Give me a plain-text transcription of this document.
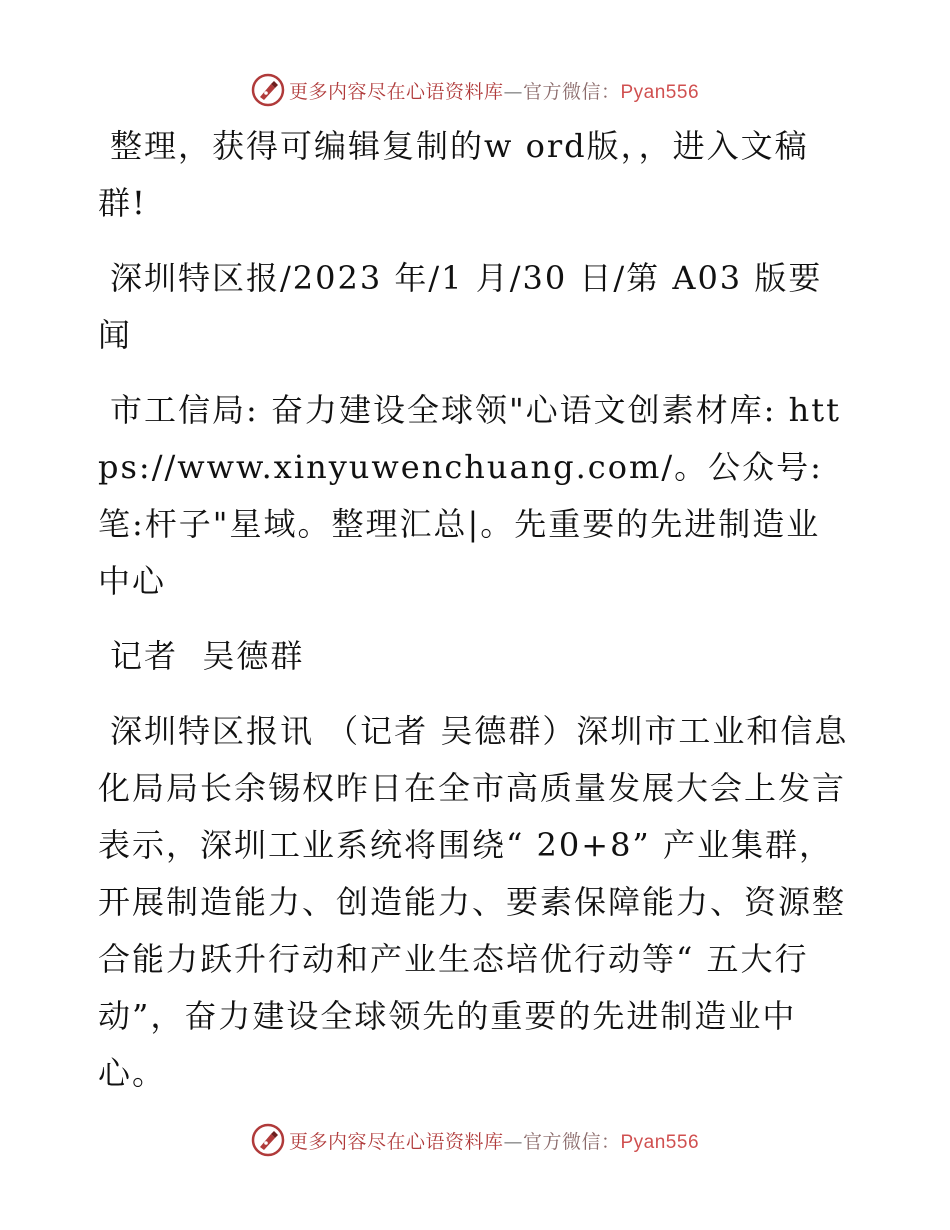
更多内容尽在心语资料库—官方微信：Pyan556

整理，获得可编辑复制的w ord版，，进入文稿群!

深圳特区报/2023 年/1 月/30 日/第 A03 版要闻

市工信局: 奋力建设全球领"心语文创素材库: https://www.xinyuwenchuang.com/。公众号: 笔:杆子"星域。整理汇总|。先重要的先进制造业中心

记者  吴德群

深圳特区报讯 （记者 吴德群）深圳市工业和信息化局局长余锡权昨日在全市高质量发展大会上发言表示，深圳工业系统将围绕“ 20+8” 产业集群，开展制造能力、创造能力、要素保障能力、资源整合能力跃升行动和产业生态培优行动等“ 五大行动”，奋力建设全球领先的重要的先进制造业中心。

更多内容尽在心语资料库—官方微信：Pyan556
